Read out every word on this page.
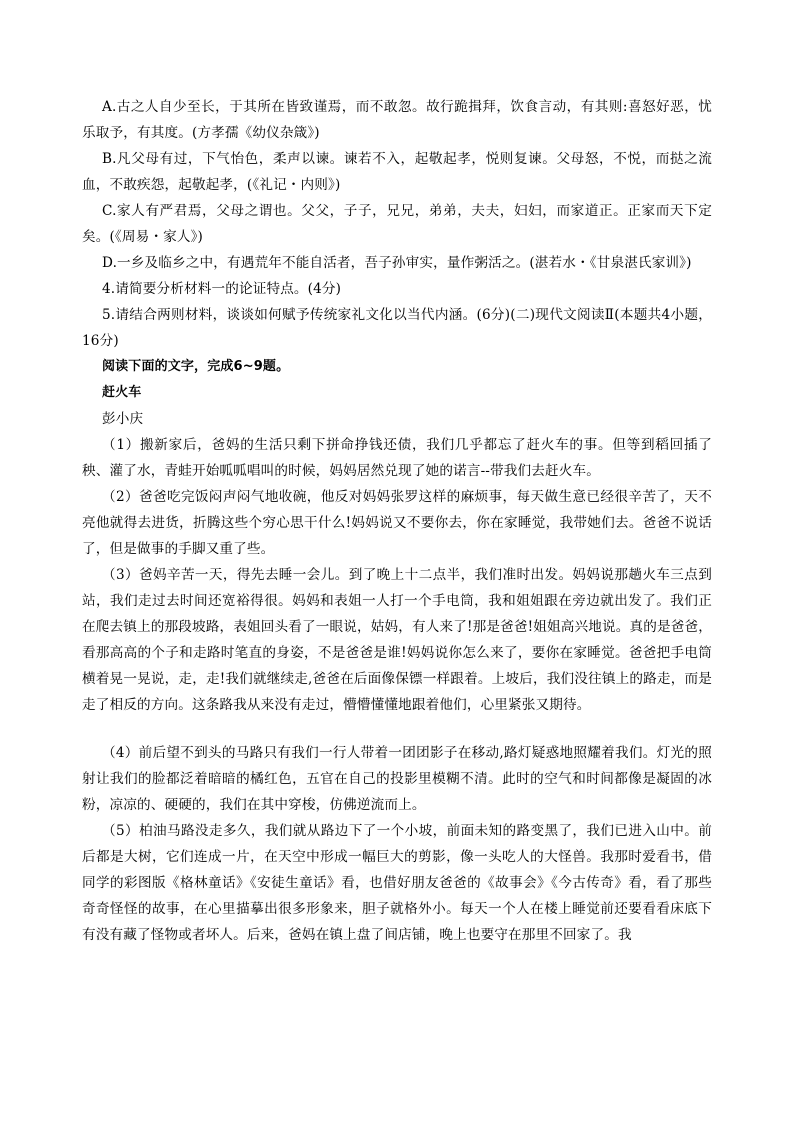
A.古之人自少至长，于其所在皆致谨焉，而不敢忽。故行跪揖拜，饮食言动，有其则:喜怒好恶，忧乐取予，有其度。(方孝孺《幼仪杂箴》)

B.凡父母有过，下气怡色，柔声以谏。谏若不入，起敬起孝，悦则复谏。父母怒，不悦，而挞之流血，不敢疾怨，起敬起孝，(《礼记・内则》)

C.家人有严君焉，父母之谓也。父父，子子，兄兄，弟弟，夫夫，妇妇，而家道正。正家而天下定矣。(《周易・家人》)

D.一乡及临乡之中，有遇荒年不能自活者，吾子孙审实，量作粥活之。(湛若水・《甘泉湛氏家训》)

4.请简要分析材料一的论证特点。(4分)

5.请结合两则材料，谈谈如何赋予传统家礼文化以当代内涵。(6分)(二)现代文阅读Ⅱ(本题共4小题，16分)

阅读下面的文字，完成6~9题。

赶火车

彭小庆

（1）搬新家后，爸妈的生活只剩下拼命挣钱还债，我们几乎都忘了赶火车的事。但等到稻回插了秧、灌了水，青蛙开始呱呱唱叫的时候，妈妈居然兑现了她的诺言--带我们去赶火车。

（2）爸爸吃完饭闷声闷气地收碗，他反对妈妈张罗这样的麻烦事，每天做生意已经很辛苦了，天不亮他就得去进货，折腾这些个穷心思干什么!妈妈说又不要你去，你在家睡觉，我带她们去。爸爸不说话了，但是做事的手脚又重了些。

（3）爸妈辛苦一天，得先去睡一会儿。到了晚上十二点半，我们准时出发。妈妈说那趟火车三点到站，我们走过去时间还宽裕得很。妈妈和表姐一人打一个手电筒，我和姐姐跟在旁边就出发了。我们正在爬去镇上的那段坡路，表姐回头看了一眼说，姑妈，有人来了!那是爸爸!姐姐高兴地说。真的是爸爸，看那高高的个子和走路时笔直的身姿，不是爸爸是谁!妈妈说你怎么来了，要你在家睡觉。爸爸把手电筒横着晃一晃说，走，走!我们就继续走,爸爸在后面像保镖一样跟着。上坡后，我们没往镇上的路走，而是走了相反的方向。这条路我从来没有走过，懵懵懂懂地跟着他们，心里紧张又期待。

（4）前后望不到头的马路只有我们一行人带着一团团影子在移动,路灯疑惑地照耀着我们。灯光的照射让我们的脸都泛着暗暗的橘红色，五官在自己的投影里模糊不清。此时的空气和时间都像是凝固的冰粉，凉凉的、硬硬的，我们在其中穿梭，仿佛逆流而上。

（5）柏油马路没走多久，我们就从路边下了一个小坡，前面未知的路变黑了，我们已进入山中。前后都是大树，它们连成一片，在天空中形成一幅巨大的剪影，像一头吃人的大怪兽。我那时爱看书，借同学的彩图版《格林童话》《安徒生童话》看，也借好朋友爸爸的《故事会》《今古传奇》看，看了那些奇奇怪怪的故事，在心里描摹出很多形象来，胆子就格外小。每天一个人在楼上睡觉前还要看看床底下有没有藏了怪物或者坏人。后来，爸妈在镇上盘了间店铺，晚上也要守在那里不回家了。我
